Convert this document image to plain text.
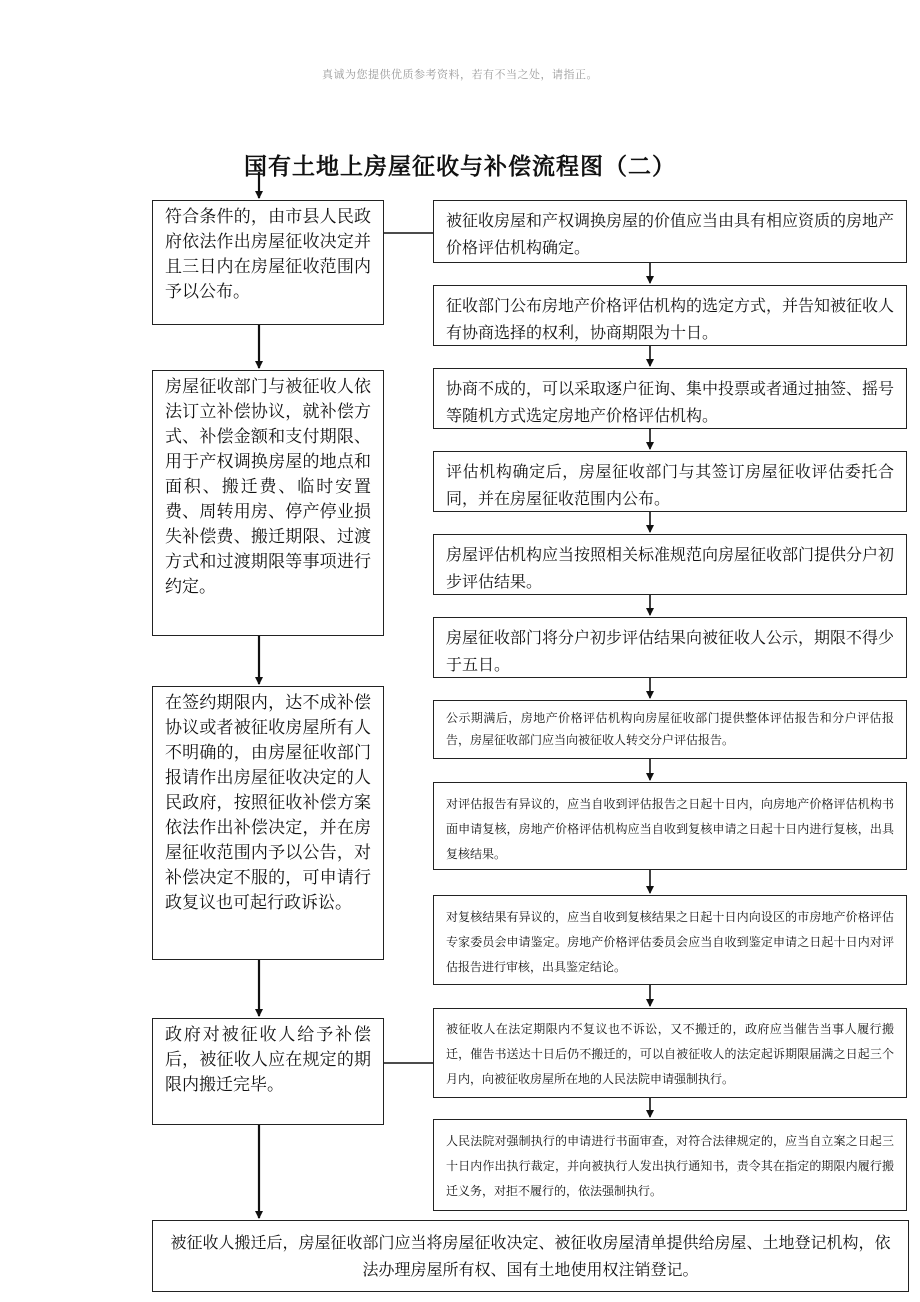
真诚为您提供优质参考资料，若有不当之处，请指正。
国有土地上房屋征收与补偿流程图（二）
符合条件的，由市县人民政府依法作出房屋征收决定并且三日内在房屋征收范围内予以公布。
房屋征收部门与被征收人依法订立补偿协议，就补偿方式、补偿金额和支付期限、用于产权调换房屋的地点和面积、搬迁费、临时安置费、周转用房、停产停业损失补偿费、搬迁期限、过渡方式和过渡期限等事项进行约定。
在签约期限内，达不成补偿协议或者被征收房屋所有人不明确的，由房屋征收部门报请作出房屋征收决定的人民政府，按照征收补偿方案依法作出补偿决定，并在房屋征收范围内予以公告，对补偿决定不服的，可申请行政复议也可起行政诉讼。
政府对被征收人给予补偿后，被征收人应在规定的期限内搬迁完毕。
被征收房屋和产权调换房屋的价值应当由具有相应资质的房地产价格评估机构确定。
征收部门公布房地产价格评估机构的选定方式，并告知被征收人有协商选择的权利，协商期限为十日。
协商不成的，可以采取逐户征询、集中投票或者通过抽签、摇号等随机方式选定房地产价格评估机构。
评估机构确定后，房屋征收部门与其签订房屋征收评估委托合同，并在房屋征收范围内公布。
房屋评估机构应当按照相关标准规范向房屋征收部门提供分户初步评估结果。
房屋征收部门将分户初步评估结果向被征收人公示，期限不得少于五日。
公示期满后，房地产价格评估机构向房屋征收部门提供整体评估报告和分户评估报告，房屋征收部门应当向被征收人转交分户评估报告。
对评估报告有异议的，应当自收到评估报告之日起十日内，向房地产价格评估机构书面申请复核，房地产价格评估机构应当自收到复核申请之日起十日内进行复核，出具复核结果。
对复核结果有异议的，应当自收到复核结果之日起十日内向设区的市房地产价格评估专家委员会申请鉴定。房地产价格评估委员会应当自收到鉴定申请之日起十日内对评估报告进行审核，出具鉴定结论。
被征收人在法定期限内不复议也不诉讼，又不搬迁的，政府应当催告当事人履行搬迁，催告书送达十日后仍不搬迁的，可以自被征收人的法定起诉期限届满之日起三个月内，向被征收房屋所在地的人民法院申请强制执行。
人民法院对强制执行的申请进行书面审查，对符合法律规定的，应当自立案之日起三十日内作出执行裁定，并向被执行人发出执行通知书，责令其在指定的期限内履行搬迁义务，对拒不履行的，依法强制执行。
被征收人搬迁后，房屋征收部门应当将房屋征收决定、被征收房屋清单提供给房屋、土地登记机构，依法办理房屋所有权、国有土地使用权注销登记。
